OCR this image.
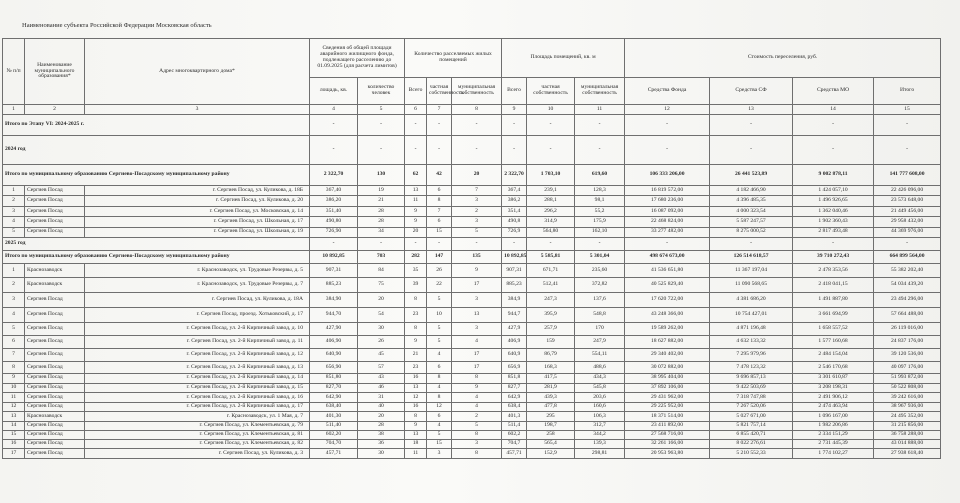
Наименование субъекта Российской Федерации Московская область
№ п/п	Наименование муниципального образования*	Адрес многоквартирного дома*	Сведения об общей площади аварийного жилищного фонда, подлежащего расселению до 01.09.2025 (для расчета лимитов)		Количество расселяемых жилых помещений			Площадь помещений, кв. м			Стоимость переселения, руб.			
			лощадь, кв.	количество человек	Всего	частная собственность	муниципальная собственность	Всего	частная собственность	муниципальная собственность	Средства Фонда	Средства СФ	Средства МО	Итого
1	2	3	4	5	6	7	8	9	10	11	12	13	14	15
Итого по Этапу VI: 2024-2025 г.			-	-	-	-	-	-	-	-	-	-	-	-
2024 год			-	-	-	-	-	-	-	-	-	-	-	-
Итого по муниципальному образованию Сергиево-Посадскому муниципальному району			2 322,70	130	62	42	20	2 322,70	1 703,10	619,60	106 333 206,00	26 441 523,89	9 002 878,11	141 777 608,00
1	Сергиев Посад	г. Сергиев Посад, ул. Куликова, д. 18Б	367,40	19	13	6	7	367,4	239,1	128,3	16 819 572,00	4 182 466,90	1 424 057,10	22 426 096,00
2	Сергиев Посад	г. Сергиев Посад, ул. Куликова, д. 20	386,20	21	11	8	3	386,2	288,1	98,1	17 680 236,00	4 396 485,35	1 496 926,65	23 573 648,00
3	Сергиев Посад	г. Сергиев Посад, ул. Московская, д. 14	351,40	28	9	7	2	351,4	296,2	55,2	16 087 092,00	4 000 323,54	1 362 040,46	21 449 456,00
4	Сергиев Посад	г. Сергиев Посад, ул. Школьная, д. 17	490,80	28	9	6	3	490,8	314,9	175,9	22 468 824,00	5 587 247,57	1 902 360,43	29 958 432,00
5	Сергиев Посад	г. Сергиев Посад, ул. Школьная, д. 19	726,90	34	20	15	5	726,9	564,80	162,10	33 277 482,00	8 275 000,52	2 817 493,48	44 369 976,00
2025 год			-	-	-	-	-	-	-	-	-	-	-	-
Итого по муниципальному образованию Сергиево-Посадскому муниципальному району			10 892,85	703	282	147	135	10 892,85	5 585,81	5 301,04	498 674 673,00	126 514 618,57	39 710 272,43	664 899 564,00
1	Краснозаводск	г. Краснозаводск, ул. Трудовые Резервы, д. 5	907,31	84	35	26	9	907,31	671,71	235,60	41 536 651,80	11 367 197,04	2 478 353,56	55 382 202,40
2	Краснозаводск	г. Краснозаводск, ул. Трудовые Резервы, д. 7	885,23	75	39	22	17	885,23	512,41	372,82	40 525 829,40	11 090 568,65	2 418 041,15	54 034 439,20
3	Сергиев Посад	г. Сергиев Посад, ул. Куликова, д. 18А	384,90	20	8	5	3	384,9	247,3	137,6	17 620 722,00	4 381 686,20	1 491 887,80	23 494 296,00
4	Сергиев Посад	г. Сергиев Посад, проезд. Хотьковский, д. 17	944,70	54	23	10	13	944,7	395,9	548,8	43 248 366,00	10 754 427,01	3 661 694,99	57 664 488,00
5	Сергиев Посад	г. Сергиев Посад, ул. 2-й Кирпичный завод, д. 10	427,90	30	8	5	3	427,9	257,9	170	19 589 262,00	4 871 196,48	1 658 557,52	26 119 016,00
6	Сергиев Посад	г. Сергиев Посад, ул. 2-й Кирпичный завод, д. 11	406,90	26	9	5	4	406,9	159	247,9	18 627 882,00	4 632 133,32	1 577 160,68	24 837 176,00
7	Сергиев Посад	г. Сергиев Посад, ул. 2-й Кирпичный завод, д. 12	640,90	45	21	4	17	640,9	86,79	554,11	29 340 402,00	7 295 979,96	2 484 154,04	39 120 536,00
8	Сергиев Посад	г. Сергиев Посад, ул. 2-й Кирпичный завод, д. 13	656,90	57	23	6	17	656,9	168,3	488,6	30 072 882,00	7 478 123,32	2 546 170,68	40 097 176,00
9	Сергиев Посад	г. Сергиев Посад, ул. 2-й Кирпичный завод, д. 14	851,80	43	16	8	8	851,8	417,5	434,3	38 995 404,00	9 696 857,13	3 301 610,87	51 993 872,00
10	Сергиев Посад	г. Сергиев Посад, ул. 2-й Кирпичный завод, д. 15	827,70	46	13	4	9	827,7	281,9	545,8	37 892 106,00	9 422 503,69	3 208 198,31	50 522 808,00
11	Сергиев Посад	г. Сергиев Посад, ул. 2-й Кирпичный завод, д. 16	642,90	31	12	8	4	642,9	439,3	203,6	29 431 962,00	7 318 747,88	2 491 906,12	39 242 616,00
12	Сергиев Посад	г. Сергиев Посад, ул. 2-й Кирпичный завод, д. 17	638,40	40	16	12	4	638,4	477,8	160,6	29 225 952,00	7 267 520,06	2 474 463,94	38 967 936,00
13	Краснозаводск	г. Краснозаводск, ул. 1 Мая, д. 7	401,30	20	8	6	2	401,3	295	106,3	18 371 514,00	5 027 671,00	1 096 167,00	24 495 352,00
14	Сергиев Посад	г. Сергиев Посад, ул. Клементьевская, д. 79	511,40	28	9	4	5	511,4	198,7	312,7	23 411 892,00	5 821 757,14	1 982 206,86	31 215 856,00
15	Сергиев Посад	г. Сергиев Посад, ул. Клементьевская, д. 81	602,20	38	13	5	8	602,2	258	344,2	27 568 716,00	6 855 420,71	2 334 151,29	36 758 288,00
16	Сергиев Посад	г. Сергиев Посад, ул. Клементьевская, д. 82	704,70	36	18	15	3	704,7	565,4	139,3	32 261 166,00	8 022 276,61	2 731 445,39	43 014 888,00
17	Сергиев Посад	г. Сергиев Посад, ул. Куликова, д. 3	457,71	30	11	3	8	457,71	152,9	298,81	20 953 963,80	5 210 552,33	1 774 102,27	27 938 618,40
